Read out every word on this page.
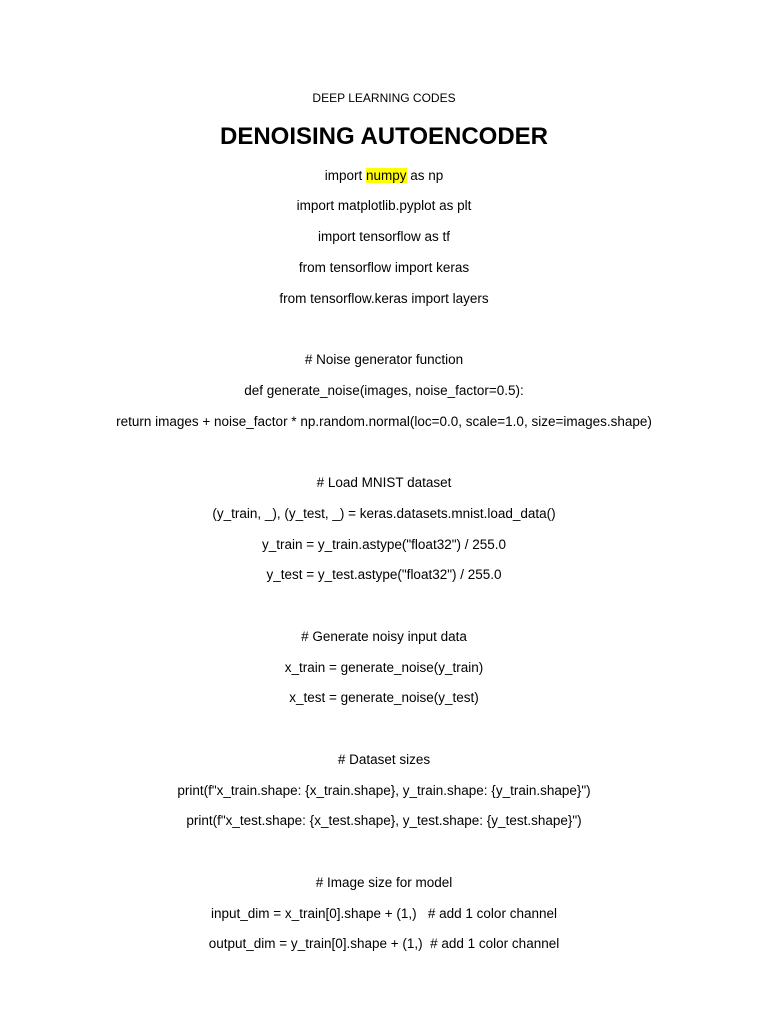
DEEP LEARNING CODES
DENOISING AUTOENCODER
import numpy as np
import matplotlib.pyplot as plt
import tensorflow as tf
from tensorflow import keras
from tensorflow.keras import layers
# Noise generator function
def generate_noise(images, noise_factor=0.5):
return images + noise_factor * np.random.normal(loc=0.0, scale=1.0, size=images.shape)
# Load MNIST dataset
(y_train, _), (y_test, _) = keras.datasets.mnist.load_data()
y_train = y_train.astype("float32") / 255.0
y_test = y_test.astype("float32") / 255.0
# Generate noisy input data
x_train = generate_noise(y_train)
x_test = generate_noise(y_test)
# Dataset sizes
print(f"x_train.shape: {x_train.shape}, y_train.shape: {y_train.shape}")
print(f"x_test.shape: {x_test.shape}, y_test.shape: {y_test.shape}")
# Image size for model
input_dim = x_train[0].shape + (1,)   # add 1 color channel
output_dim = y_train[0].shape + (1,)  # add 1 color channel
